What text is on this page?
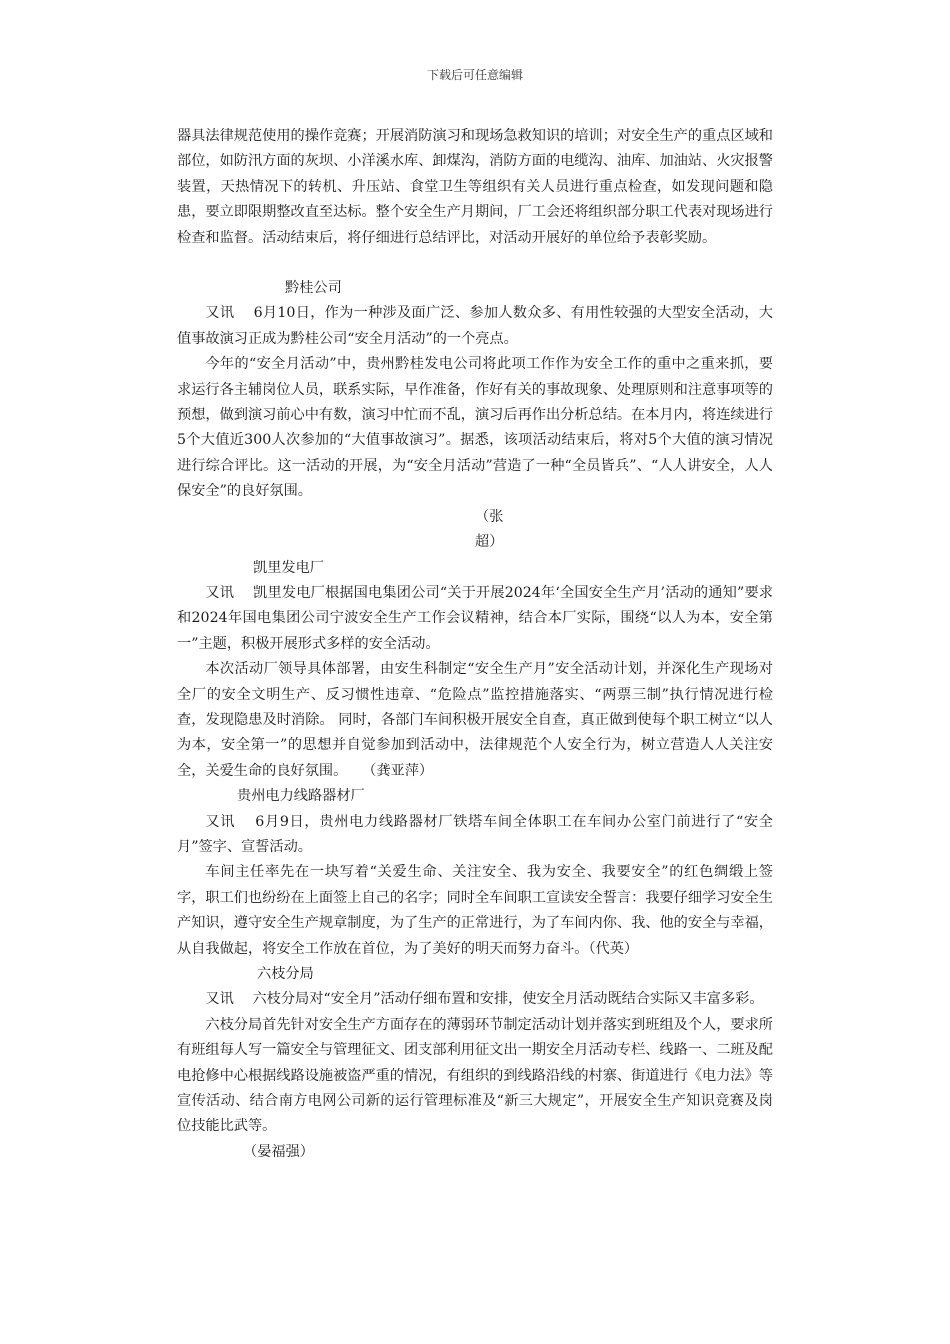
下载后可任意编辑

器具法律规范使用的操作竞赛；开展消防演习和现场急救知识的培训；对安全生产的重点区域和部位，如防汛方面的灰坝、小洋溪水库、卸煤沟，消防方面的电缆沟、油库、加油站、火灾报警装置，天热情况下的转机、升压站、食堂卫生等组织有关人员进行重点检查，如发现问题和隐患，要立即限期整改直至达标。整个安全生产月期间，厂工会还将组织部分职工代表对现场进行检查和监督。活动结束后，将仔细进行总结评比，对活动开展好的单位给予表彰奖励。

黔桂公司

又讯　 6月10日，作为一种涉及面广泛、参加人数众多、有用性较强的大型安全活动，大值事故演习正成为黔桂公司“安全月活动”的一个亮点。

今年的“安全月活动”中，贵州黔桂发电公司将此项工作作为安全工作的重中之重来抓，要求运行各主辅岗位人员，联系实际，早作准备，作好有关的事故现象、处理原则和注意事项等的预想，做到演习前心中有数，演习中忙而不乱，演习后再作出分析总结。在本月内，将连续进行5个大值近300人次参加的“大值事故演习”。据悉，该项活动结束后，将对5个大值的演习情况进行综合评比。这一活动的开展，为“安全月活动”营造了一种“全员皆兵”、“人人讲安全，人人保安全”的良好氛围。

（张超）

凯里发电厂

又讯　 凯里发电厂根据国电集团公司“关于开展2024年‘全国安全生产月’活动的通知”要求和2024年国电集团公司宁波安全生产工作会议精神，结合本厂实际，围绕“以人为本，安全第一”主题，积极开展形式多样的安全活动。

本次活动厂领导具体部署，由安生科制定“安全生产月”安全活动计划，并深化生产现场对全厂的安全文明生产、反习惯性违章、“危险点”监控措施落实、“两票三制”执行情况进行检查，发现隐患及时消除。 同时，各部门车间积极开展安全自查，真正做到使每个职工树立“以人为本，安全第一”的思想并自觉参加到活动中，法律规范个人安全行为，树立营造人人关注安全，关爱生命的良好氛围。 （龚亚萍）

贵州电力线路器材厂

又讯　 6月9日，贵州电力线路器材厂铁塔车间全体职工在车间办公室门前进行了“安全月”签字、宣誓活动。

车间主任率先在一块写着“关爱生命、关注安全、我为安全、我要安全”的红色绸缎上签字，职工们也纷纷在上面签上自己的名字；同时全车间职工宣读安全誓言：我要仔细学习安全生产知识，遵守安全生产规章制度，为了生产的正常进行，为了车间内你、我、他的安全与幸福，从自我做起，将安全工作放在首位，为了美好的明天而努力奋斗。（代英）

六枝分局

又讯　 六枝分局对“安全月”活动仔细布置和安排，使安全月活动既结合实际又丰富多彩。

六枝分局首先针对安全生产方面存在的薄弱环节制定活动计划并落实到班组及个人，要求所有班组每人写一篇安全与管理征文、团支部利用征文出一期安全月活动专栏、线路一、二班及配电抢修中心根据线路设施被盗严重的情况，有组织的到线路沿线的村寨、街道进行《电力法》等宣传活动、结合南方电网公司新的运行管理标准及“新三大规定”，开展安全生产知识竞赛及岗位技能比武等。

（晏福强）
